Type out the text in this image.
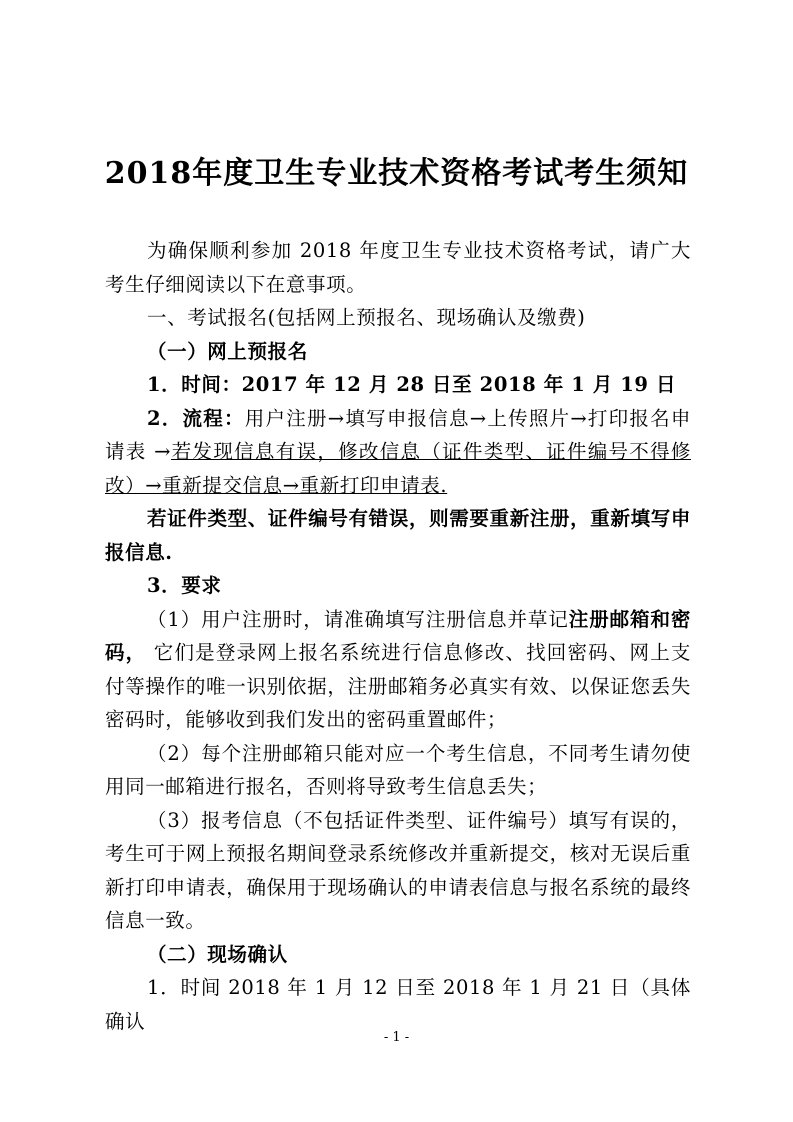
2018年度卫生专业技术资格考试考生须知

为确保顺利参加 2018 年度卫生专业技术资格考试，请广大考生仔细阅读以下在意事项。

一、考试报名(包括网上预报名、现场确认及缴费)

（一）网上预报名

1．时间：2017 年 12 月 28 日至 2018 年 1 月 19 日

2．流程：用户注册→填写申报信息→上传照片→打印报名申请表 →若发现信息有误，修改信息（证件类型、证件编号不得修改）→重新提交信息→重新打印申请表.

若证件类型、证件编号有错误，则需要重新注册，重新填写申报信息.

3．要求

（1）用户注册时，请准确填写注册信息并草记注册邮箱和密码， 它们是登录网上报名系统进行信息修改、找回密码、网上支付等操作的唯一识别依据，注册邮箱务必真实有效、以保证您丢失密码时，能够收到我们发出的密码重置邮件；

（2）每个注册邮箱只能对应一个考生信息，不同考生请勿使用同一邮箱进行报名，否则将导致考生信息丢失；

（3）报考信息（不包括证件类型、证件编号）填写有误的，考生可于网上预报名期间登录系统修改并重新提交，核对无误后重新打印申请表，确保用于现场确认的申请表信息与报名系统的最终信息一致。

（二）现场确认

1．时间 2018 年 1 月 12 日至 2018 年 1 月 21 日（具体确认

- 1 -
